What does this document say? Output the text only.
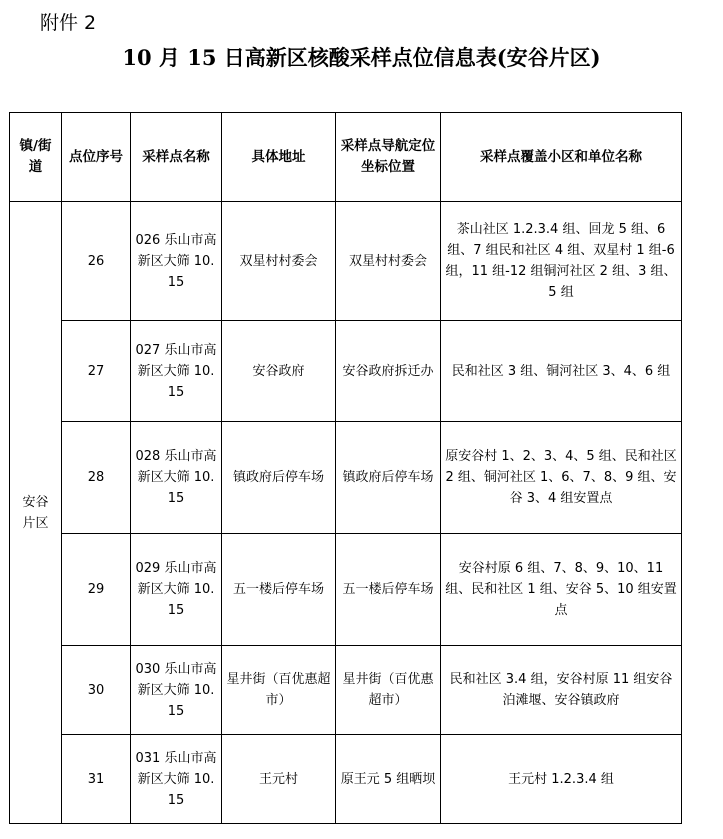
附件 2
10 月 15 日高新区核酸采样点位信息表(安谷片区)
镇/街道	点位序号	采样点名称	具体地址	采样点导航定位坐标位置	采样点覆盖小区和单位名称
安谷片区	26	026 乐山市高新区大筛 10.15	双星村村委会	双星村村委会	茶山社区 1.2.3.4 组、回龙 5 组、6 组、7 组民和社区 4 组、双星村 1 组-6 组，11 组-12 组铜河社区 2 组、3 组、5 组
	27	027 乐山市高新区大筛 10.15	安谷政府	安谷政府拆迁办	民和社区 3 组、铜河社区 3、4、6 组
	28	028 乐山市高新区大筛 10.15	镇政府后停车场	镇政府后停车场	原安谷村 1、2、3、4、5 组、民和社区 2 组、铜河社区 1、6、7、8、9 组、安谷 3、4 组安置点
	29	029 乐山市高新区大筛 10.15	五一楼后停车场	五一楼后停车场	安谷村原 6 组、7、8、9、10、11 组、民和社区 1 组、安谷 5、10 组安置点
	30	030 乐山市高新区大筛 10.15	星井街（百优惠超市）	星井街（百优惠超市）	民和社区 3.4 组，安谷村原 11 组安谷泊滩堰、安谷镇政府
	31	031 乐山市高新区大筛 10.15	王元村	原王元 5 组晒坝	王元村 1.2.3.4 组
